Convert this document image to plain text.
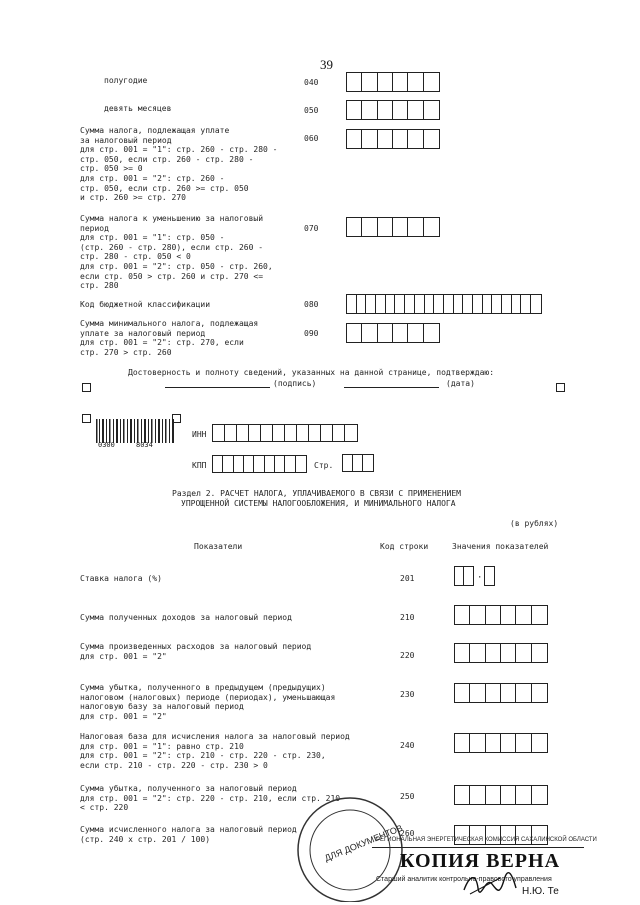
39
полугодие	040
девять месяцев	050
Сумма налога, подлежащая уплате
за налоговый период
для стр. 001 = "1": стр. 260 - стр. 280 -
стр. 050, если стр. 260 - стр. 280 -
стр. 050 >= 0
для стр. 001 = "2": стр. 260 -
стр. 050, если стр. 260 >= стр. 050
и стр. 260 >= стр. 270
060
Сумма налога к уменьшению за налоговый
период
для стр. 001 = "1": стр. 050 -
(стр. 260 - стр. 280), если стр. 260 -
стр. 280 - стр. 050 < 0
для стр. 001 = "2": стр. 050 - стр. 260,
если стр. 050 > стр. 260 и стр. 270 <=
стр. 280
070
Код бюджетной классификации	080
Сумма минимального налога, подлежащая
уплате за налоговый период
для стр. 001 = "2": стр. 270, если
стр. 270 > стр. 260
090
Достоверность и полноту сведений, указанных на данной странице, подтверждаю:
(подпись)	(дата)
0300	8034
ИНН
КПП	Стр.
Раздел 2. РАСЧЕТ НАЛОГА, УПЛАЧИВАЕМОГО В СВЯЗИ С ПРИМЕНЕНИЕМ
УПРОЩЕННОЙ СИСТЕМЫ НАЛОГООБЛОЖЕНИЯ, И МИНИМАЛЬНОГО НАЛОГА
(в рублях)
Показатели	Код строки	Значения показателей
Ставка налога (%)	201	·
Сумма полученных доходов за налоговый период	210
Сумма произведенных расходов за налоговый период
для стр. 001 = "2"	220
Сумма убытка, полученного в предыдущем (предыдущих)
налоговом (налоговых) периоде (периодах), уменьшающая
налоговую базу за налоговый период
для стр. 001 = "2"
230
Налоговая база для исчисления налога за налоговый период
для стр. 001 = "1": равно стр. 210
для стр. 001 = "2": стр. 210 - стр. 220 - стр. 230,
если стр. 210 - стр. 220 - стр. 230 > 0
240
Сумма убытка, полученного за налоговый период
для стр. 001 = "2": стр. 220 - стр. 210, если стр. 210
< стр. 220
250
Сумма исчисленного налога за налоговый период
(стр. 240 x стр. 201 / 100)
260
ДЛЯ ДОКУМЕНТОВ
РЕГИОНАЛЬНАЯ ЭНЕРГЕТИЧЕСКАЯ КОМИССИЯ САХАЛИНСКОЙ ОБЛАСТИ
КОПИЯ ВЕРНА
Старший аналитик контрольно-правового управления
Н.Ю. Те
